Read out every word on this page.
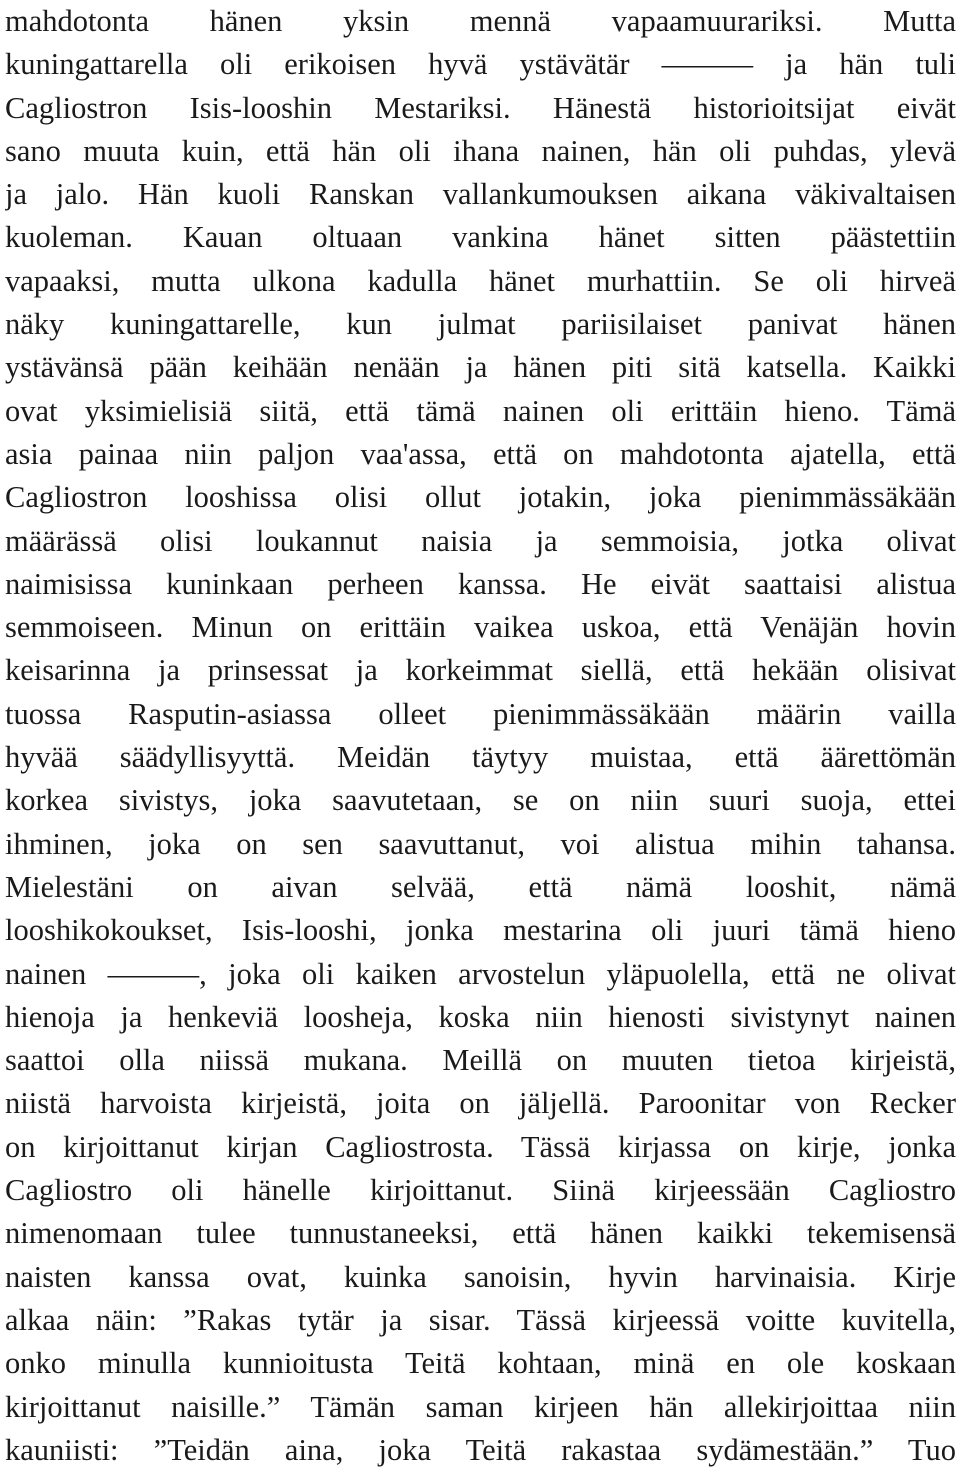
mahdotonta hänen yksin mennä vapaamuurariksi. Mutta
kuningattarella oli erikoisen hyvä ystävätär ——— ja hän tuli
Cagliostron Isis-looshin Mestariksi. Hänestä historioitsijat eivät
sano muuta kuin, että hän oli ihana nainen, hän oli puhdas, ylevä
ja jalo. Hän kuoli Ranskan vallankumouksen aikana väkivaltaisen
kuoleman. Kauan oltuaan vankina hänet sitten päästettiin
vapaaksi, mutta ulkona kadulla hänet murhattiin. Se oli hirveä
näky kuningattarelle, kun julmat pariisilaiset panivat hänen
ystävänsä pään keihään nenään ja hänen piti sitä katsella. Kaikki
ovat yksimielisiä siitä, että tämä nainen oli erittäin hieno. Tämä
asia painaa niin paljon vaa'assa, että on mahdotonta ajatella, että
Cagliostron looshissa olisi ollut jotakin, joka pienimmässäkään
määrässä olisi loukannut naisia ja semmoisia, jotka olivat
naimisissa kuninkaan perheen kanssa. He eivät saattaisi alistua
semmoiseen. Minun on erittäin vaikea uskoa, että Venäjän hovin
keisarinna ja prinsessat ja korkeimmat siellä, että hekään olisivat
tuossa Rasputin-asiassa olleet pienimmässäkään määrin vailla
hyvää säädyllisyyttä. Meidän täytyy muistaa, että äärettömän
korkea sivistys, joka saavutetaan, se on niin suuri suoja, ettei
ihminen, joka on sen saavuttanut, voi alistua mihin tahansa.
Mielestäni on aivan selvää, että nämä looshit, nämä
looshikokoukset, Isis-looshi, jonka mestarina oli juuri tämä hieno
nainen ———, joka oli kaiken arvostelun yläpuolella, että ne olivat
hienoja ja henkeviä loosheja, koska niin hienosti sivistynyt nainen
saattoi olla niissä mukana. Meillä on muuten tietoa kirjeistä,
niistä harvoista kirjeistä, joita on jäljellä. Paroonitar von Recker
on kirjoittanut kirjan Cagliostrosta. Tässä kirjassa on kirje, jonka
Cagliostro oli hänelle kirjoittanut. Siinä kirjeessään Cagliostro
nimenomaan tulee tunnustaneeksi, että hänen kaikki tekemisensä
naisten kanssa ovat, kuinka sanoisin, hyvin harvinaisia. Kirje
alkaa näin: ”Rakas tytär ja sisar. Tässä kirjeessä voitte kuvitella,
onko minulla kunnioitusta Teitä kohtaan, minä en ole koskaan
kirjoittanut naisille.” Tämän saman kirjeen hän allekirjoittaa niin
kauniisti: ”Teidän aina, joka Teitä rakastaa sydämestään.” Tuo
